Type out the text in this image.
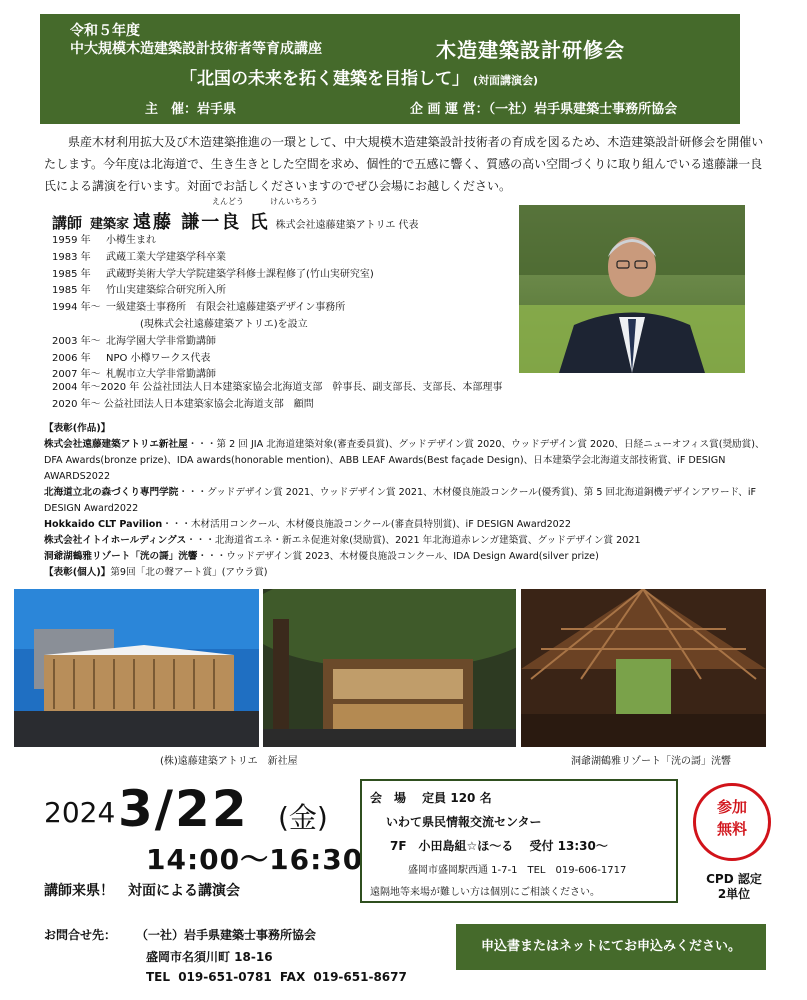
令和５年度
中大規模木造建築設計技術者等育成講座	木造建築設計研修会
「北国の未来を拓く建築を目指して」 (対面講演会)
主　催：岩手県	企 画 運 営：（一社）岩手県建築士事務所協会
県産木材利用拡大及び木造建築推進の一環として、中大規模木造建築設計技術者の育成を図るため、木造建築設計研修会を開催いたします。今年度は北海道で、生き生きとした空間を求め、個性的で五感に響く、質感の高い空間づくりに取り組んでいる遠藤謙一良氏による講演を行います。対面でお話しくださいますのでぜひ会場にお越しください。
えんどう	けんいちろう
講師 建築家 遠藤 謙一良 氏 株式会社遠藤建築アトリエ 代表
1959 年 小樽生まれ
1983 年 武蔵工業大学建築学科卒業
1985 年 武蔵野美術大学大学院建築学科修士課程修了(竹山実研究室)
1985 年 竹山実建築綜合研究所入所
1994 年～ 一級建築士事務所　有限会社遠藤建築デザイン事務所
(現株式会社遠藤建築アトリエ)を設立
2003 年～ 北海学園大学非常勤講師
2006 年 NPO 小樽ワークス代表
2007 年～ 札幌市立大学非常勤講師
2004 年～2020 年 公益社団法人日本建築家協会北海道支部　幹事長、副支部長、支部長、本部理事
2020 年～ 公益社団法人日本建築家協会北海道支部　顧問
【表彰(作品)】
株式会社遠藤建築アトリエ新社屋・・・第 2 回 JIA 北海道建築対象(審査委員賞)、グッドデザイン賞 2020、ウッドデザイン賞 2020、日経ニューオフィス賞(奨励賞)、DFA Awards(bronze prize)、IDA awards(honorable mention)、ABB LEAF Awards(Best façade Design)、日本建築学会北海道支部技術賞、iF DESIGN AWARDS2022
北海道立北の森づくり専門学院・・・グッドデザイン賞 2021、ウッドデザイン賞 2021、木材優良施設コンクール(優秀賞)、第 5 回北海道銅機デザインアワード、iF DESIGN Award2022
Hokkaido CLT Pavilion・・・木材活用コンクール、木材優良施設コンクール(審査員特別賞)、iF DESIGN Award2022
株式会社イトイホールディングス・・・北海道省エネ・新エネ促進対象(奨励賞)、2021 年北海道赤レンガ建築賞、グッドデザイン賞 2021
洞爺湖鶴雅リゾート「洸の謌」洸響・・・ウッドデザイン賞 2023、木材優良施設コンクール、IDA Design Award(silver prize)
【表彰(個人)】第9回「北の聲アート賞」(アウラ賞)
(株)遠藤建築アトリエ　新社屋	洞爺湖鶴雅リゾート「洸の謌」洸響
2024 3/22 (金)
14:00～16:30
講師来県！　対面による講演会
会　場　 定員 120 名
いわて県民情報交流センター
7F　小田島組☆ほ～る　 受付 13:30～
盛岡市盛岡駅西通 1-7-1　TEL　019-606-1717
遠隔地等来場が難しい方は個別にご相談ください。
参加
無料
CPD 認定
2単位
お問合せ先： （一社）岩手県建築士事務所協会
盛岡市名須川町 18-16
TEL 019-651-0781 FAX 019-651-8677
申込書またはネットにてお申込みください。
